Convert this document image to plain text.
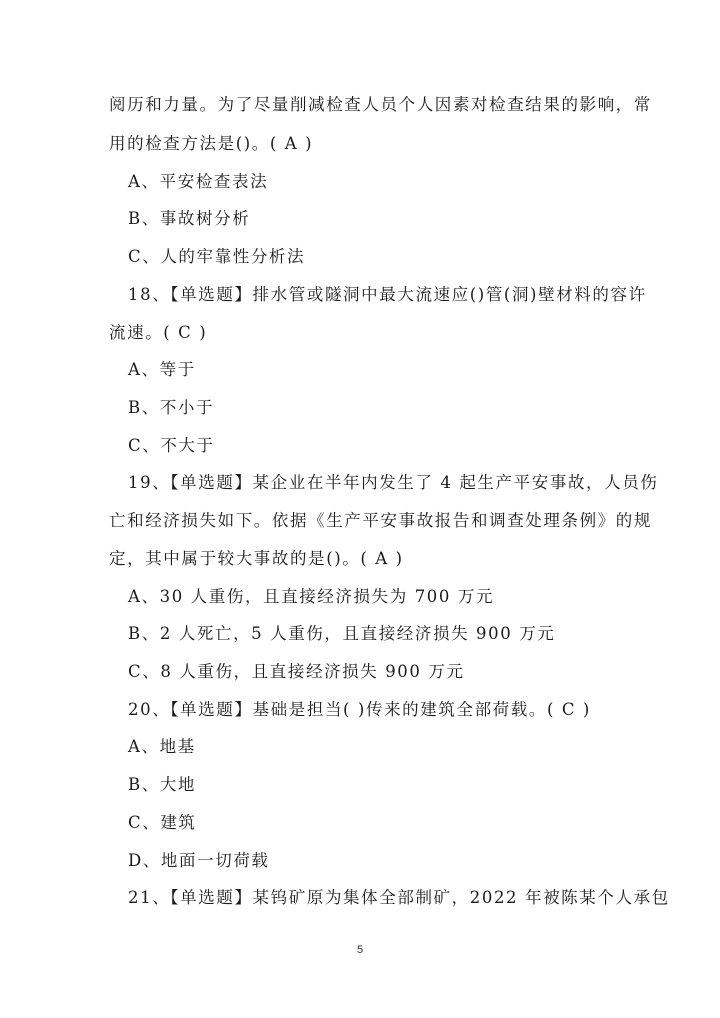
阅历和力量。为了尽量削减检查人员个人因素对检查结果的影响，常
用的检查方法是()。( A )
A、平安检查表法
B、事故树分析
C、人的牢靠性分析法
18、【单选题】排水管或隧洞中最大流速应()管(洞)壁材料的容许
流速。( C )
A、等于
B、不小于
C、不大于
19、【单选题】某企业在半年内发生了 4 起生产平安事故，人员伤
亡和经济损失如下。依据《生产平安事故报告和调查处理条例》的规
定，其中属于较大事故的是()。( A )
A、30 人重伤，且直接经济损失为 700 万元
B、2 人死亡，5 人重伤，且直接经济损失 900 万元
C、8 人重伤，且直接经济损失 900 万元
20、【单选题】基础是担当( )传来的建筑全部荷载。( C )
A、地基
B、大地
C、建筑
D、地面一切荷载
21、【单选题】某钨矿原为集体全部制矿，2022 年被陈某个人承包
5
